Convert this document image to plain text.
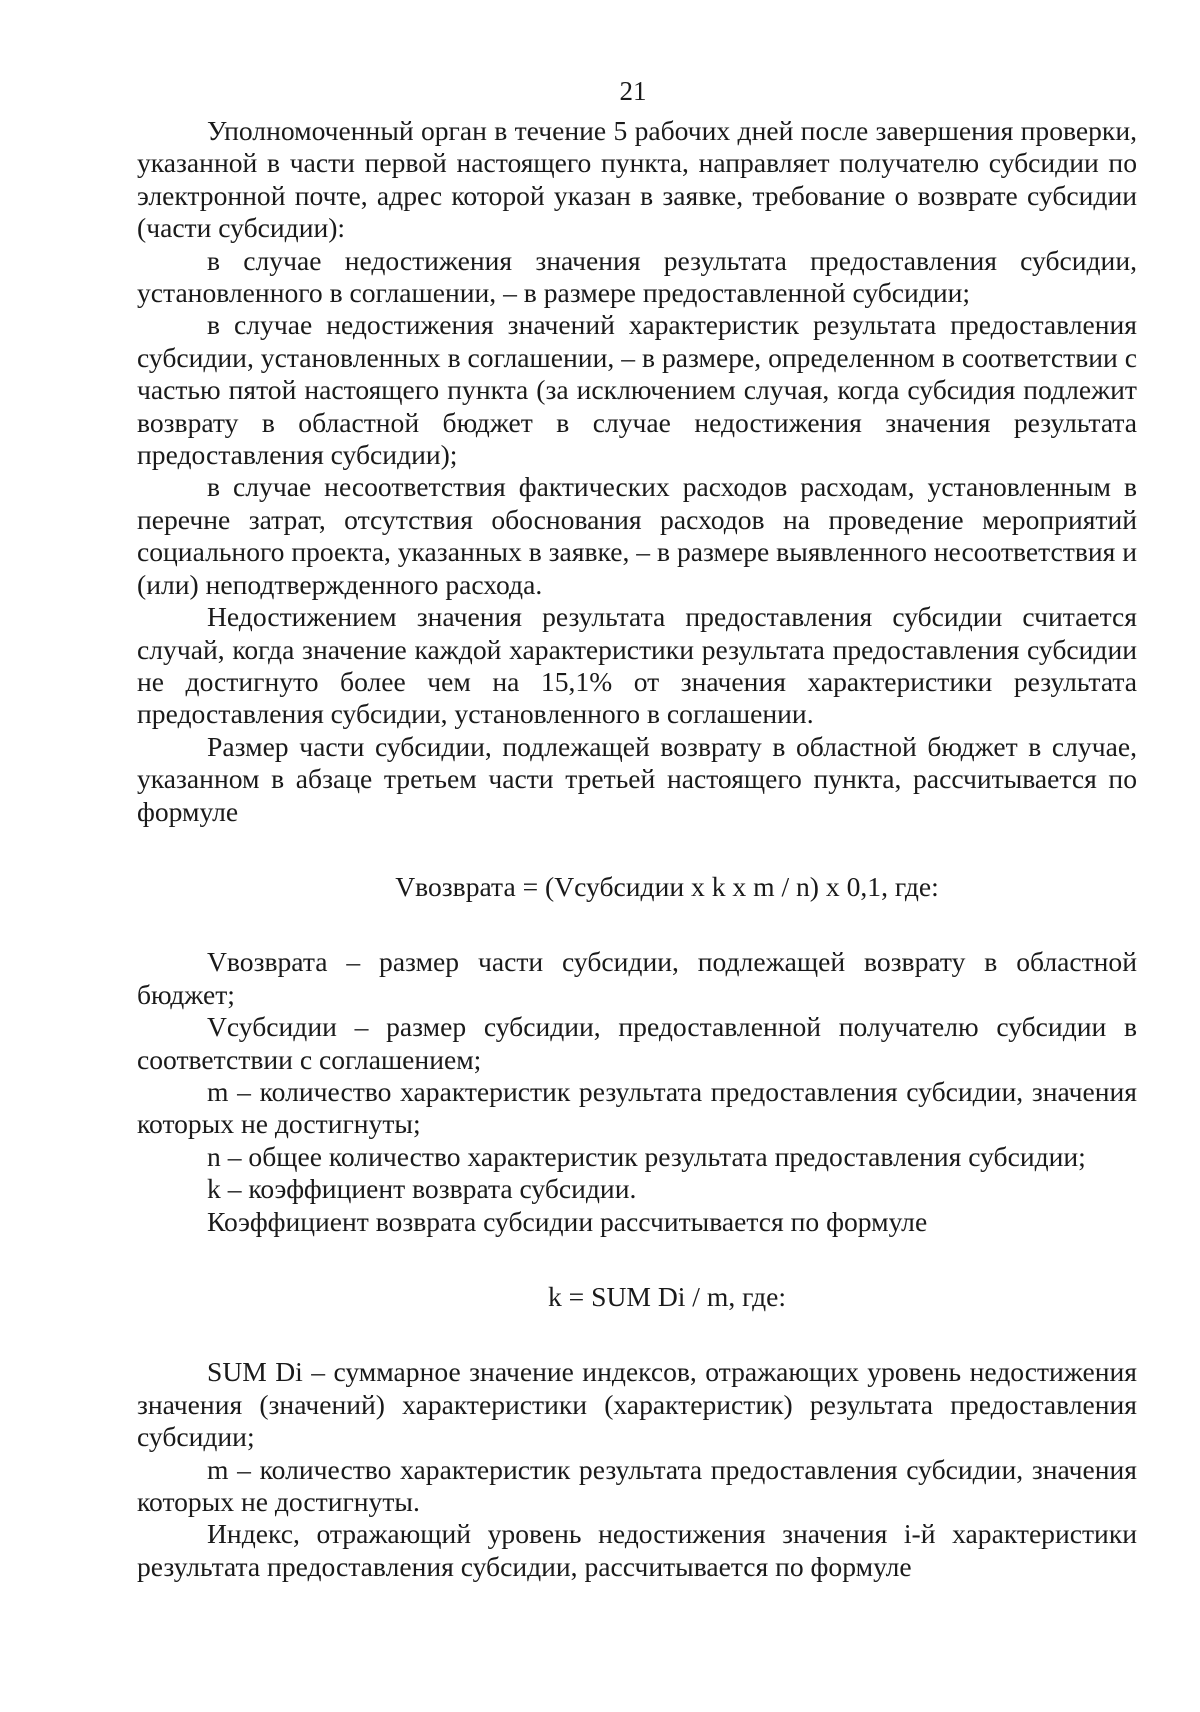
21

Уполномоченный орган в течение 5 рабочих дней после завершения проверки, указанной в части первой настоящего пункта, направляет получателю субсидии по электронной почте, адрес которой указан в заявке, требование о возврате субсидии (части субсидии):

в случае недостижения значения результата предоставления субсидии, установленного в соглашении, – в размере предоставленной субсидии;

в случае недостижения значений характеристик результата предоставления субсидии, установленных в соглашении, – в размере, определенном в соответствии с частью пятой настоящего пункта (за исключением случая, когда субсидия подлежит возврату в областной бюджет в случае недостижения значения результата предоставления субсидии);

в случае несоответствия фактических расходов расходам, установленным в перечне затрат, отсутствия обоснования расходов на проведение мероприятий социального проекта, указанных в заявке, – в размере выявленного несоответствия и (или) неподтвержденного расхода.

Недостижением значения результата предоставления субсидии считается случай, когда значение каждой характеристики результата предоставления субсидии не достигнуто более чем на 15,1% от значения характеристики результата предоставления субсидии, установленного в соглашении.

Размер части субсидии, подлежащей возврату в областной бюджет в случае, указанном в абзаце третьем части третьей настоящего пункта, рассчитывается по формуле

Vвозврата = (Vсубсидии x k x m / n) x 0,1, где:

Vвозврата – размер части субсидии, подлежащей возврату в областной бюджет;

Vсубсидии – размер субсидии, предоставленной получателю субсидии в соответствии с соглашением;

m – количество характеристик результата предоставления субсидии, значения которых не достигнуты;

n – общее количество характеристик результата предоставления субсидии;

k – коэффициент возврата субсидии.

Коэффициент возврата субсидии рассчитывается по формуле

k = SUM Di / m, где:

SUM Di – суммарное значение индексов, отражающих уровень недостижения значения (значений) характеристики (характеристик) результата предоставления субсидии;

m – количество характеристик результата предоставления субсидии, значения которых не достигнуты.

Индекс, отражающий уровень недостижения значения i-й характеристики результата предоставления субсидии, рассчитывается по формуле
